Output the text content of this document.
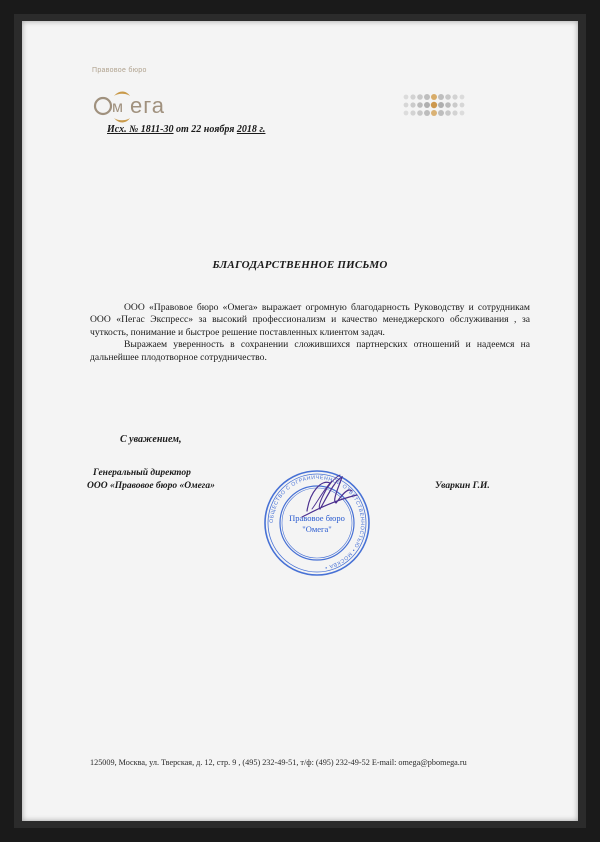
Правовое бюро
м ега
Исх. № 1811-30 от 22 ноября 2018 г.
БЛАГОДАРСТВЕННОЕ ПИСЬМО

ООО «Правовое бюро «Омега» выражает огромную благодарность Руководству и сотрудникам ООО «Пегас Экспресс» за высокий профессионализм и качество менеджерского обслуживания , за чуткость, понимание и быстрое решение поставленных клиентом задач.

Выражаем уверенность в сохранении сложившихся партнерских отношений и надеемся на дальнейшее плодотворное сотрудничество.

С уважением,
Генеральный директор
ООО «Правовое бюро «Омега»	Уваркин Г.И.
ОБЩЕСТВО С ОГРАНИЧЕННОЙ ОТВЕТСТВЕННОСТЬЮ • МОСКВА •
Правовое бюро
"Омега"
125009, Москва, ул. Тверская, д. 12, стр. 9 , (495) 232-49-51, т/ф: (495) 232-49-52 E-mail: omega@pbomega.ru
